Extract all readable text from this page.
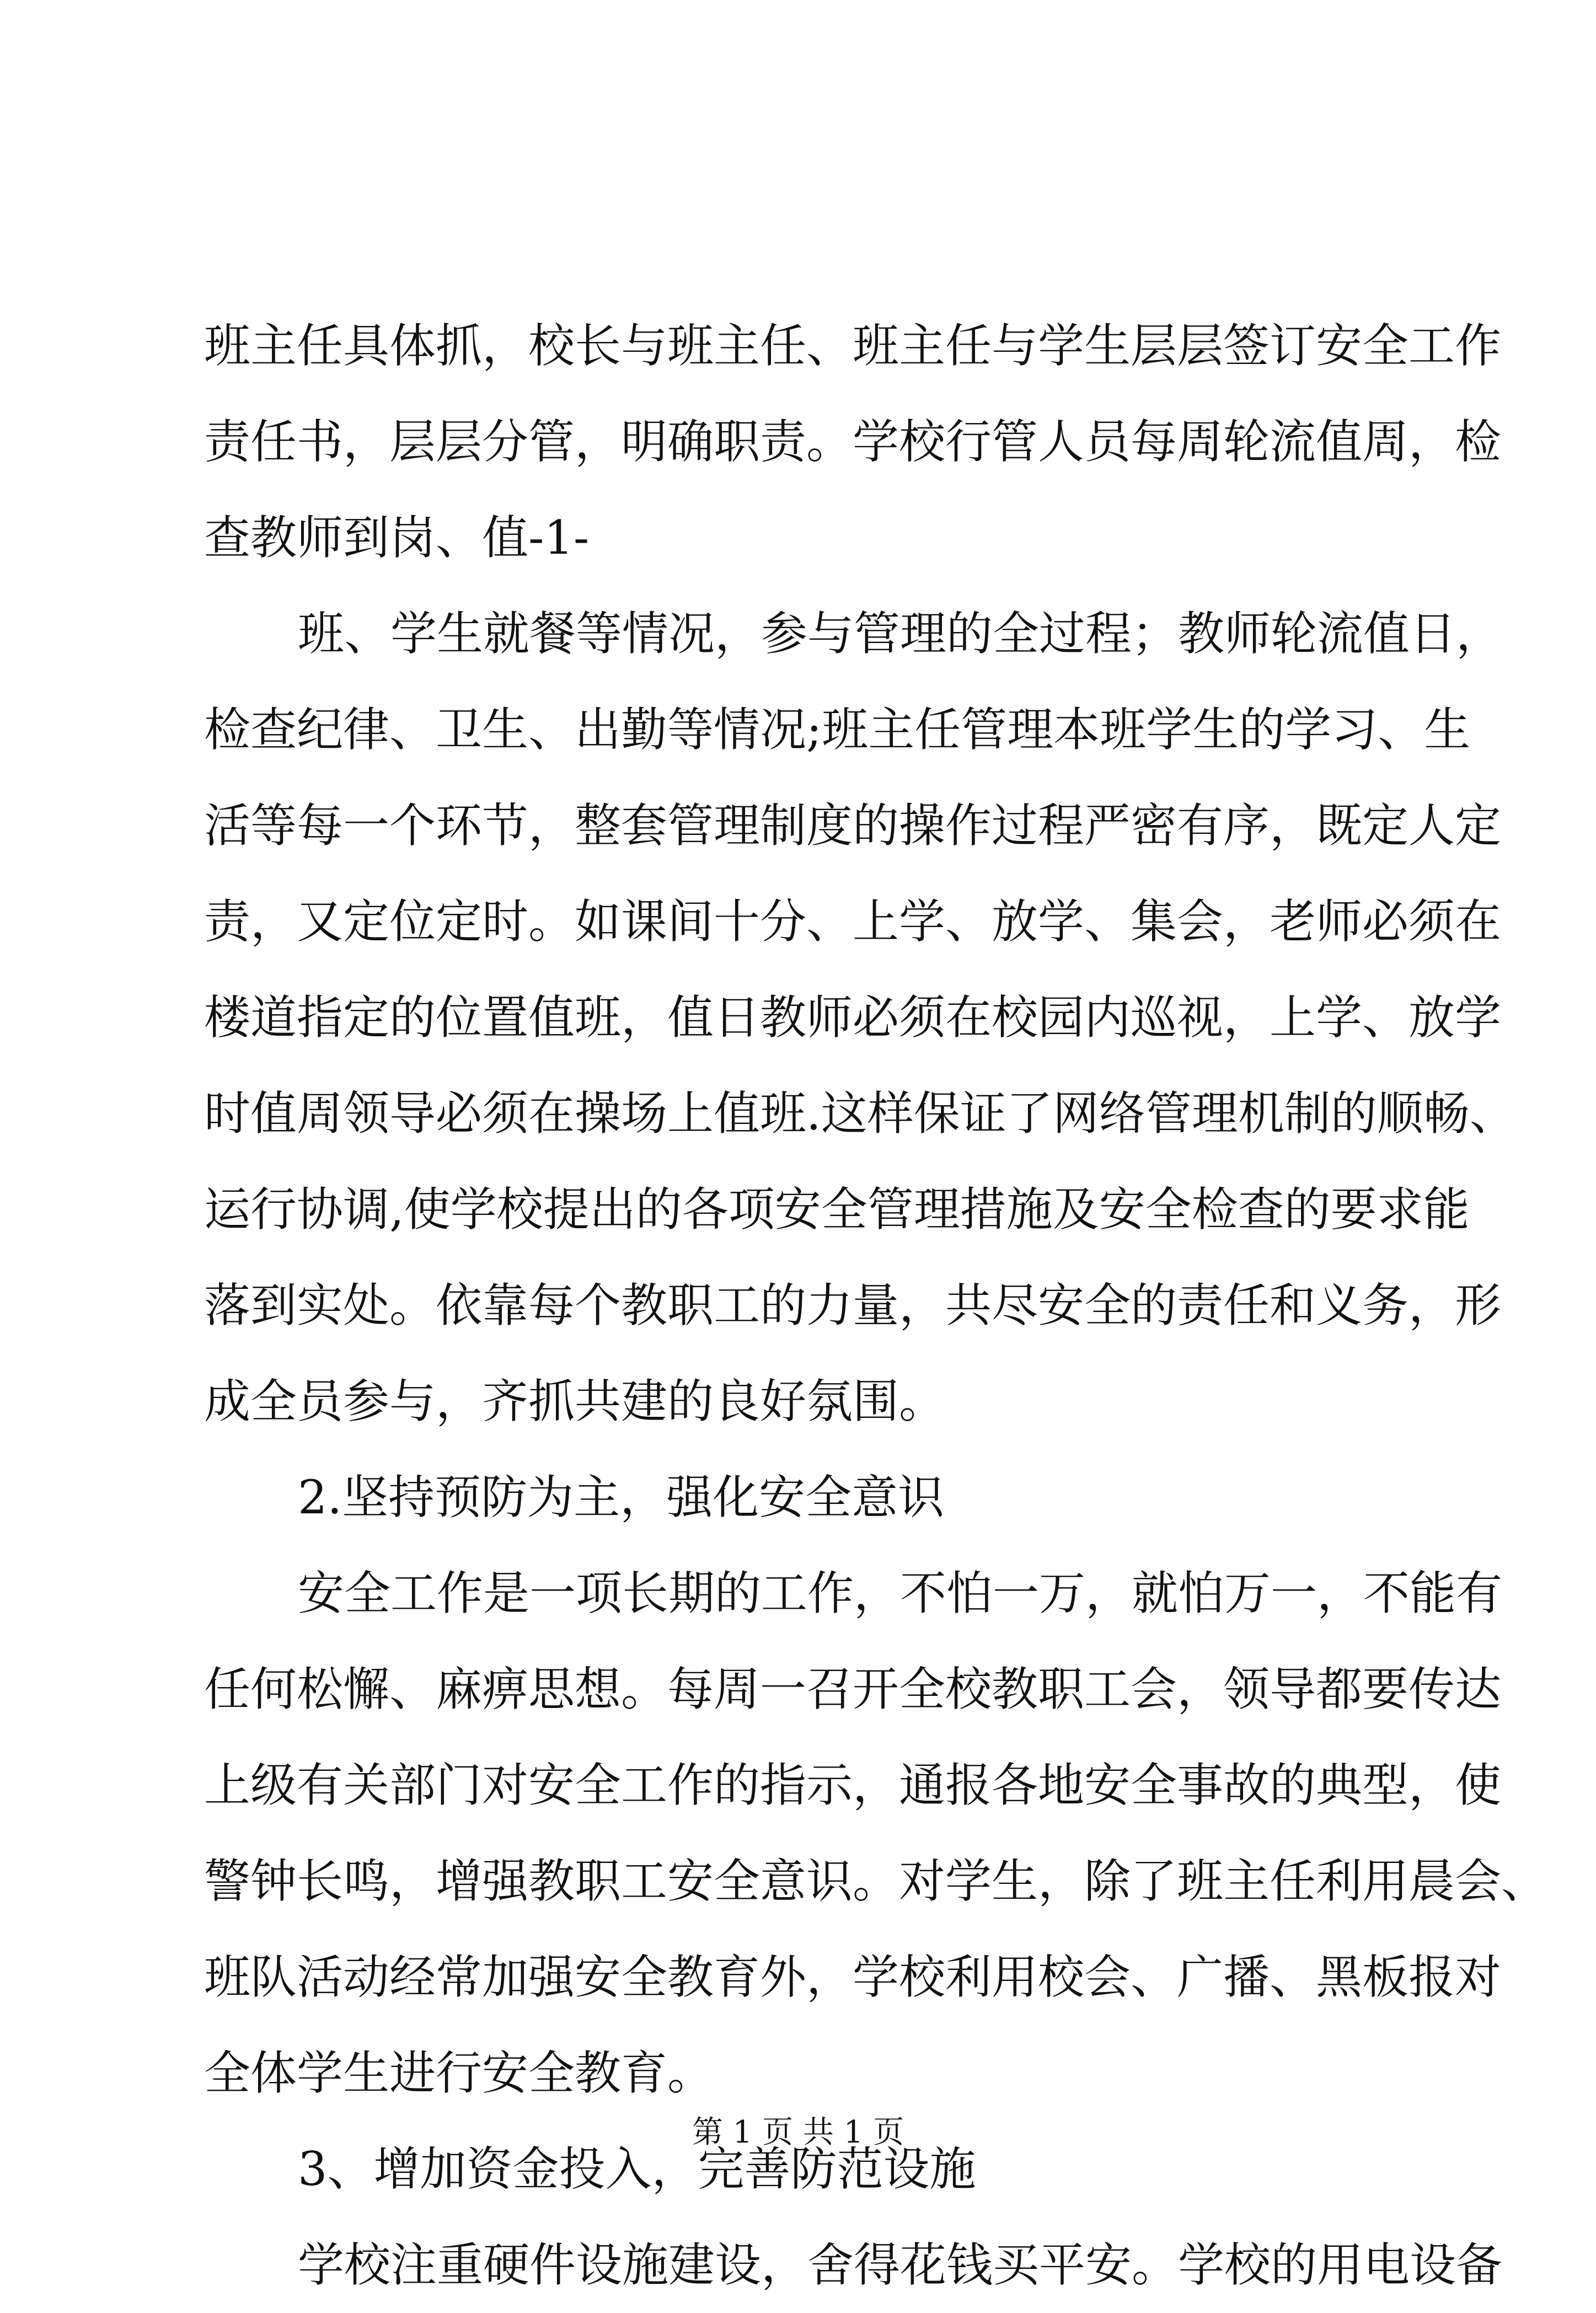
班主任具体抓，校长与班主任、班主任与学生层层签订安全工作
责任书，层层分管，明确职责。学校行管人员每周轮流值周，检
查教师到岗、值-1-
班、学生就餐等情况，参与管理的全过程；教师轮流值日，
检查纪律、卫生、出勤等情况;班主任管理本班学生的学习、生
活等每一个环节，整套管理制度的操作过程严密有序，既定人定
责，又定位定时。如课间十分、上学、放学、集会，老师必须在
楼道指定的位置值班，值日教师必须在校园内巡视，上学、放学
时值周领导必须在操场上值班.这样保证了网络管理机制的顺畅、
运行协调,使学校提出的各项安全管理措施及安全检查的要求能
落到实处。依靠每个教职工的力量，共尽安全的责任和义务，形
成全员参与，齐抓共建的良好氛围。
2.坚持预防为主，强化安全意识
安全工作是一项长期的工作，不怕一万，就怕万一，不能有
任何松懈、麻痹思想。每周一召开全校教职工会，领导都要传达
上级有关部门对安全工作的指示，通报各地安全事故的典型，使
警钟长鸣，增强教职工安全意识。对学生，除了班主任利用晨会、
班队活动经常加强安全教育外，学校利用校会、广播、黑板报对
全体学生进行安全教育。
3、增加资金投入，完善防范设施
学校注重硬件设施建设，舍得花钱买平安。学校的用电设备
第 1 页 共 1 页
